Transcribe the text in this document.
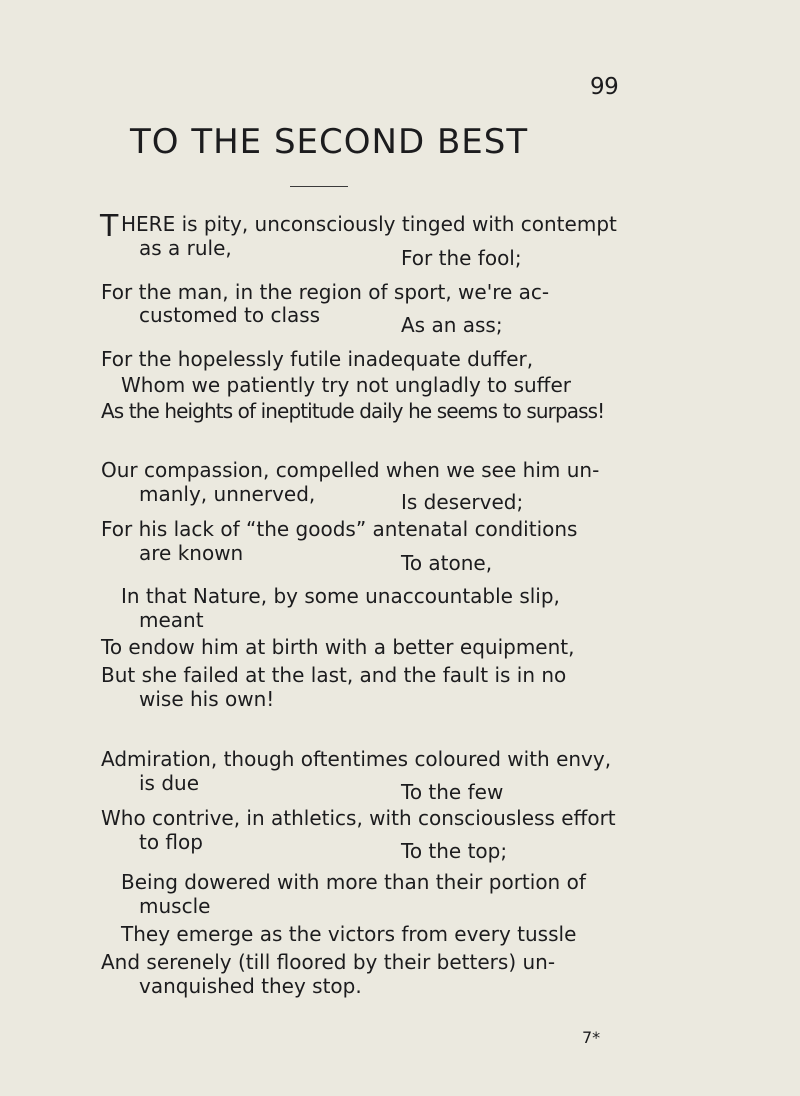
99
TO THE SECOND BEST
T HERE is pity, unconsciously tinged with contempt
as a rule,	For the fool;
For the man, in the region of sport, we're ac-
customed to class	As an ass;
For the hopelessly futile inadequate duffer,
Whom we patiently try not ungladly to suffer
As the heights of ineptitude daily he seems to surpass!
Our compassion, compelled when we see him un-
manly, unnerved,	Is deserved;
For his lack of “the goods” antenatal conditions
are known	To atone,
In that Nature, by some unaccountable slip,
meant
To endow him at birth with a better equipment,
But she failed at the last, and the fault is in no
wise his own!
Admiration, though oftentimes coloured with envy,
is due	To the few
Who contrive, in athletics, with consciousless effort
to flop	To the top;
Being dowered with more than their portion of
muscle
They emerge as the victors from every tussle
And serenely (till floored by their betters) un-
vanquished they stop.
7*
